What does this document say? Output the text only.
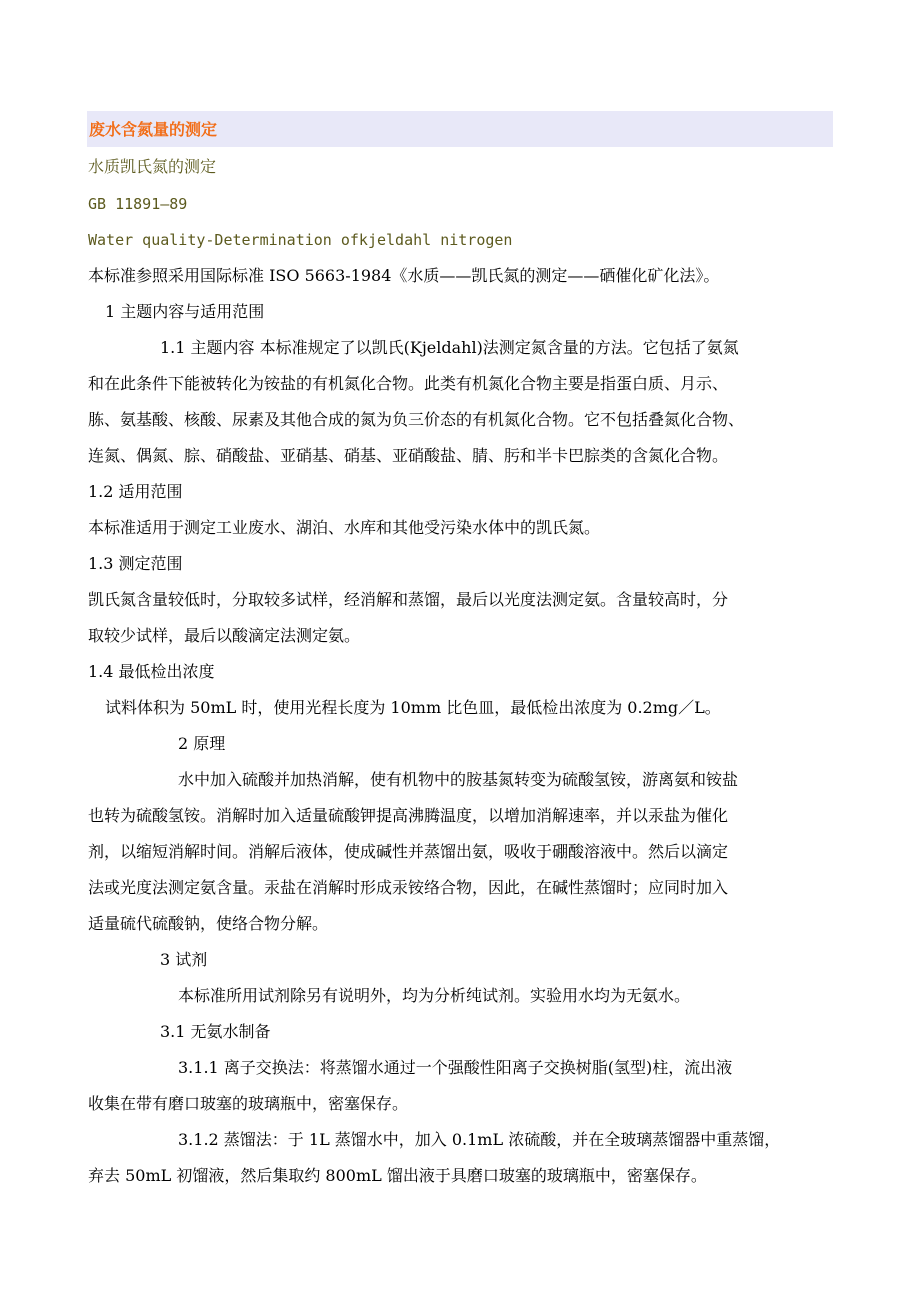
废水含氮量的测定
水质凯氏氮的测定
GB 11891—89
Water quality-Determination ofkjeldahl nitrogen
本标准参照采用国际标准 ISO 5663-1984《水质——凯氏氮的测定——硒催化矿化法》。
1 主题内容与适用范围
1.1 主题内容 本标准规定了以凯氏(Kjeldahl)法测定氮含量的方法。它包括了氨氮
和在此条件下能被转化为铵盐的有机氮化合物。此类有机氮化合物主要是指蛋白质、月示、
胨、氨基酸、核酸、尿素及其他合成的氮为负三价态的有机氮化合物。它不包括叠氮化合物、
连氮、偶氮、腙、硝酸盐、亚硝基、硝基、亚硝酸盐、腈、肟和半卡巴腙类的含氮化合物。
1.2 适用范围
本标准适用于测定工业废水、湖泊、水库和其他受污染水体中的凯氏氮。
1.3 测定范围
凯氏氮含量较低时，分取较多试样，经消解和蒸馏，最后以光度法测定氨。含量较高时，分
取较少试样，最后以酸滴定法测定氨。
1.4 最低检出浓度
试料体积为 50mL 时，使用光程长度为 10mm 比色皿，最低检出浓度为 0.2mg／L。
2 原理
水中加入硫酸并加热消解，使有机物中的胺基氮转变为硫酸氢铵，游离氨和铵盐
也转为硫酸氢铵。消解时加入适量硫酸钾提高沸腾温度，以增加消解速率，并以汞盐为催化
剂，以缩短消解时间。消解后液体，使成碱性并蒸馏出氨，吸收于硼酸溶液中。然后以滴定
法或光度法测定氨含量。汞盐在消解时形成汞铵络合物，因此，在碱性蒸馏时；应同时加入
适量硫代硫酸钠，使络合物分解。
3 试剂
本标准所用试剂除另有说明外，均为分析纯试剂。实验用水均为无氨水。
3.1 无氨水制备
3.1.1 离子交换法：将蒸馏水通过一个强酸性阳离子交换树脂(氢型)柱，流出液
收集在带有磨口玻塞的玻璃瓶中，密塞保存。
3.1.2 蒸馏法：于 1L 蒸馏水中，加入 0.1mL 浓硫酸，并在全玻璃蒸馏器中重蒸馏，
弃去 50mL 初馏液，然后集取约 800mL 馏出液于具磨口玻塞的玻璃瓶中，密塞保存。
